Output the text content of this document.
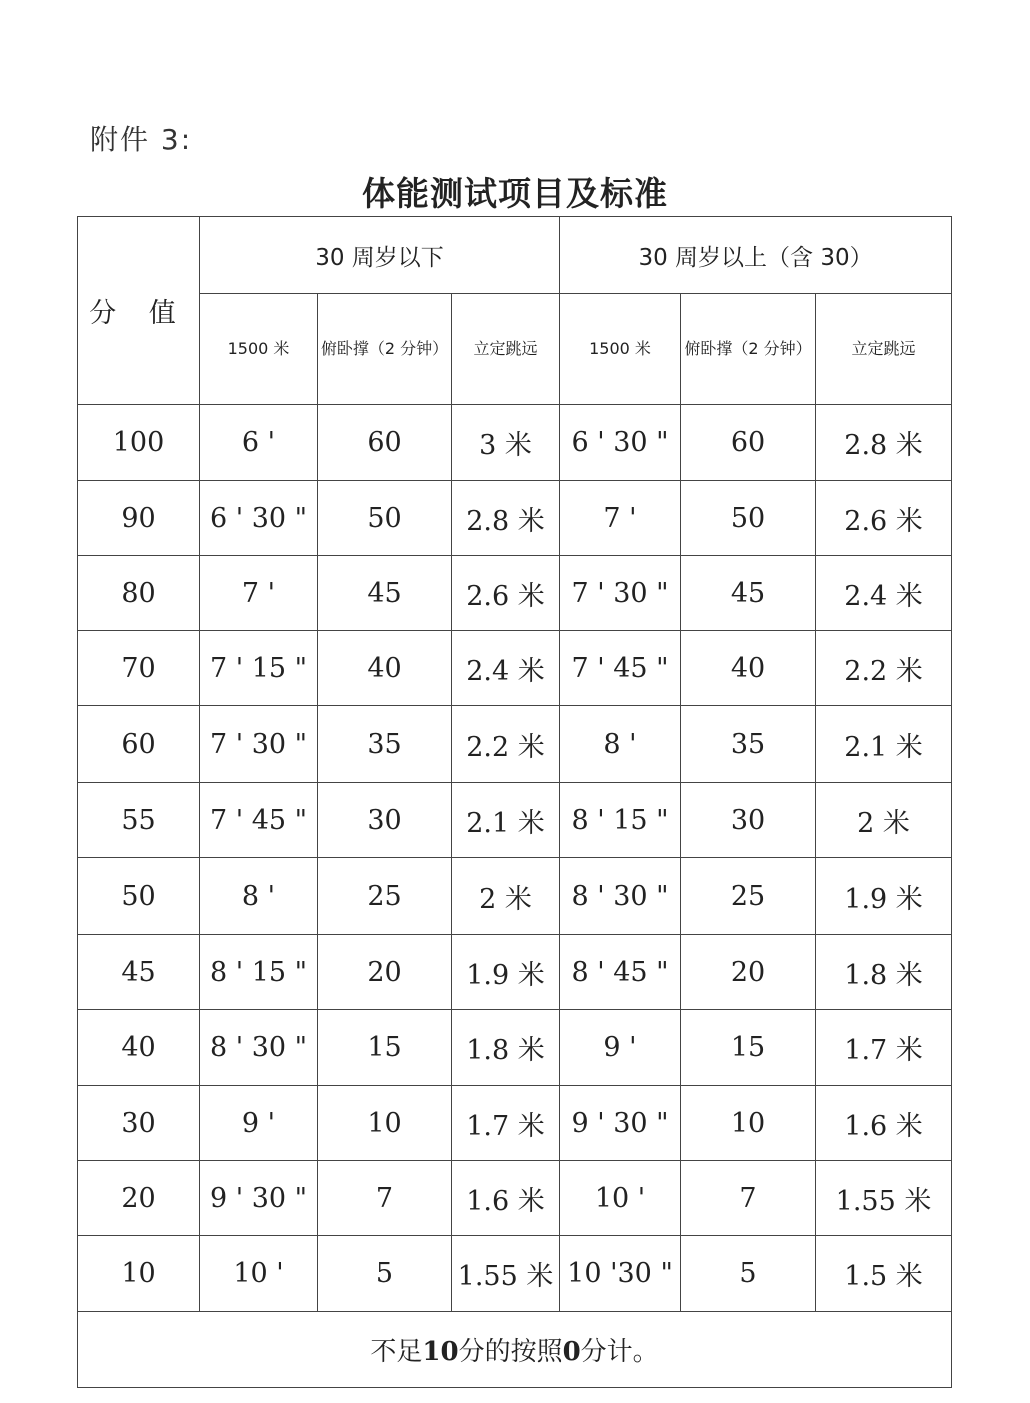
附件 3:
体能测试项目及标准
分 值	30 周岁以下			30 周岁以上（含 30）		
	1500 米	俯卧撑（2 分钟）	立定跳远	1500 米	俯卧撑（2 分钟）	立定跳远
100	6 '	60	3 米	6 ' 30 "	60	2.8 米
90	6 ' 30 "	50	2.8 米	7 '	50	2.6 米
80	7 '	45	2.6 米	7 ' 30 "	45	2.4 米
70	7 ' 15 "	40	2.4 米	7 ' 45 "	40	2.2 米
60	7 ' 30 "	35	2.2 米	8 '	35	2.1 米
55	7 ' 45 "	30	2.1 米	8 ' 15 "	30	2 米
50	8 '	25	2 米	8 ' 30 "	25	1.9 米
45	8 ' 15 "	20	1.9 米	8 ' 45 "	20	1.8 米
40	8 ' 30 "	15	1.8 米	9 '	15	1.7 米
30	9 '	10	1.7 米	9 ' 30 "	10	1.6 米
20	9 ' 30 "	7	1.6 米	10 '	7	1.55 米
10	10 '	5	1.55 米	10 '30 "	5	1.5 米
不足10分的按照0分计。						
